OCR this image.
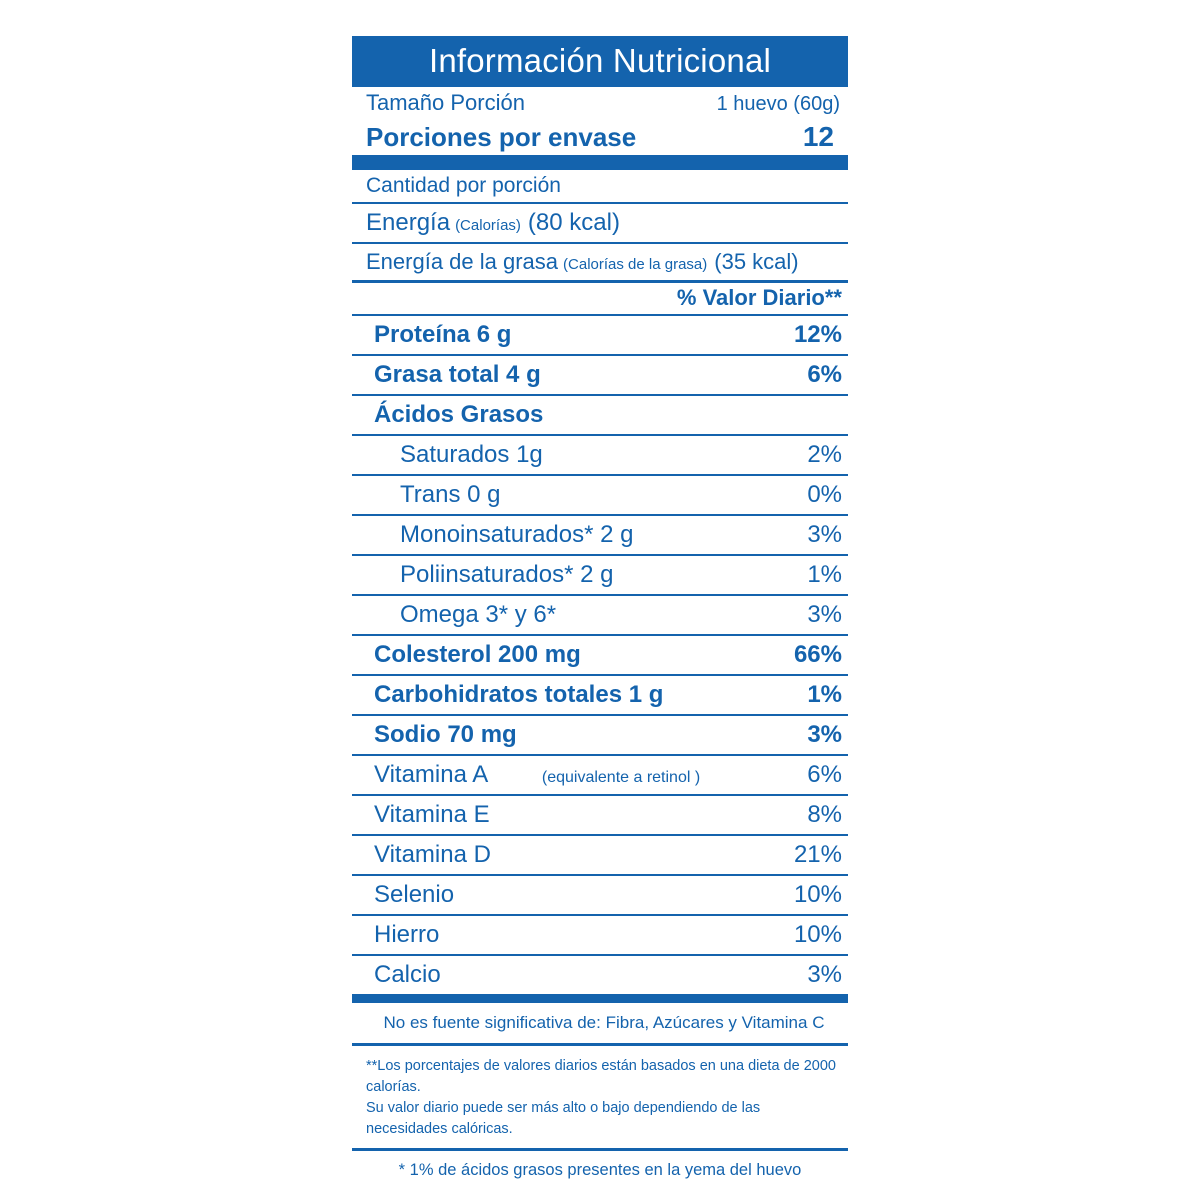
Información Nutricional
Tamaño Porción	1 huevo (60g)
Porciones por envase	12
Cantidad por porción
Energía (Calorías) (80 kcal)
Energía de la grasa (Calorías de la grasa) (35 kcal)
% Valor Diario**
Proteína 6 g	12%
Grasa total 4 g	6%
Ácidos Grasos
Saturados 1g	2%
Trans 0 g	0%
Monoinsaturados* 2 g	3%
Poliinsaturados* 2 g	1%
Omega 3* y 6*	3%
Colesterol 200 mg	66%
Carbohidratos totales 1 g	1%
Sodio 70 mg	3%
Vitamina A	(equivalente a retinol )	6%
Vitamina E	8%
Vitamina D	21%
Selenio	10%
Hierro	10%
Calcio	3%
No es fuente significativa de: Fibra, Azúcares y Vitamina C
**Los porcentajes de valores diarios están basados en una dieta de 2000 calorías.
Su valor diario puede ser más alto o bajo dependiendo de las necesidades calóricas.
* 1% de ácidos grasos presentes en la yema del huevo
